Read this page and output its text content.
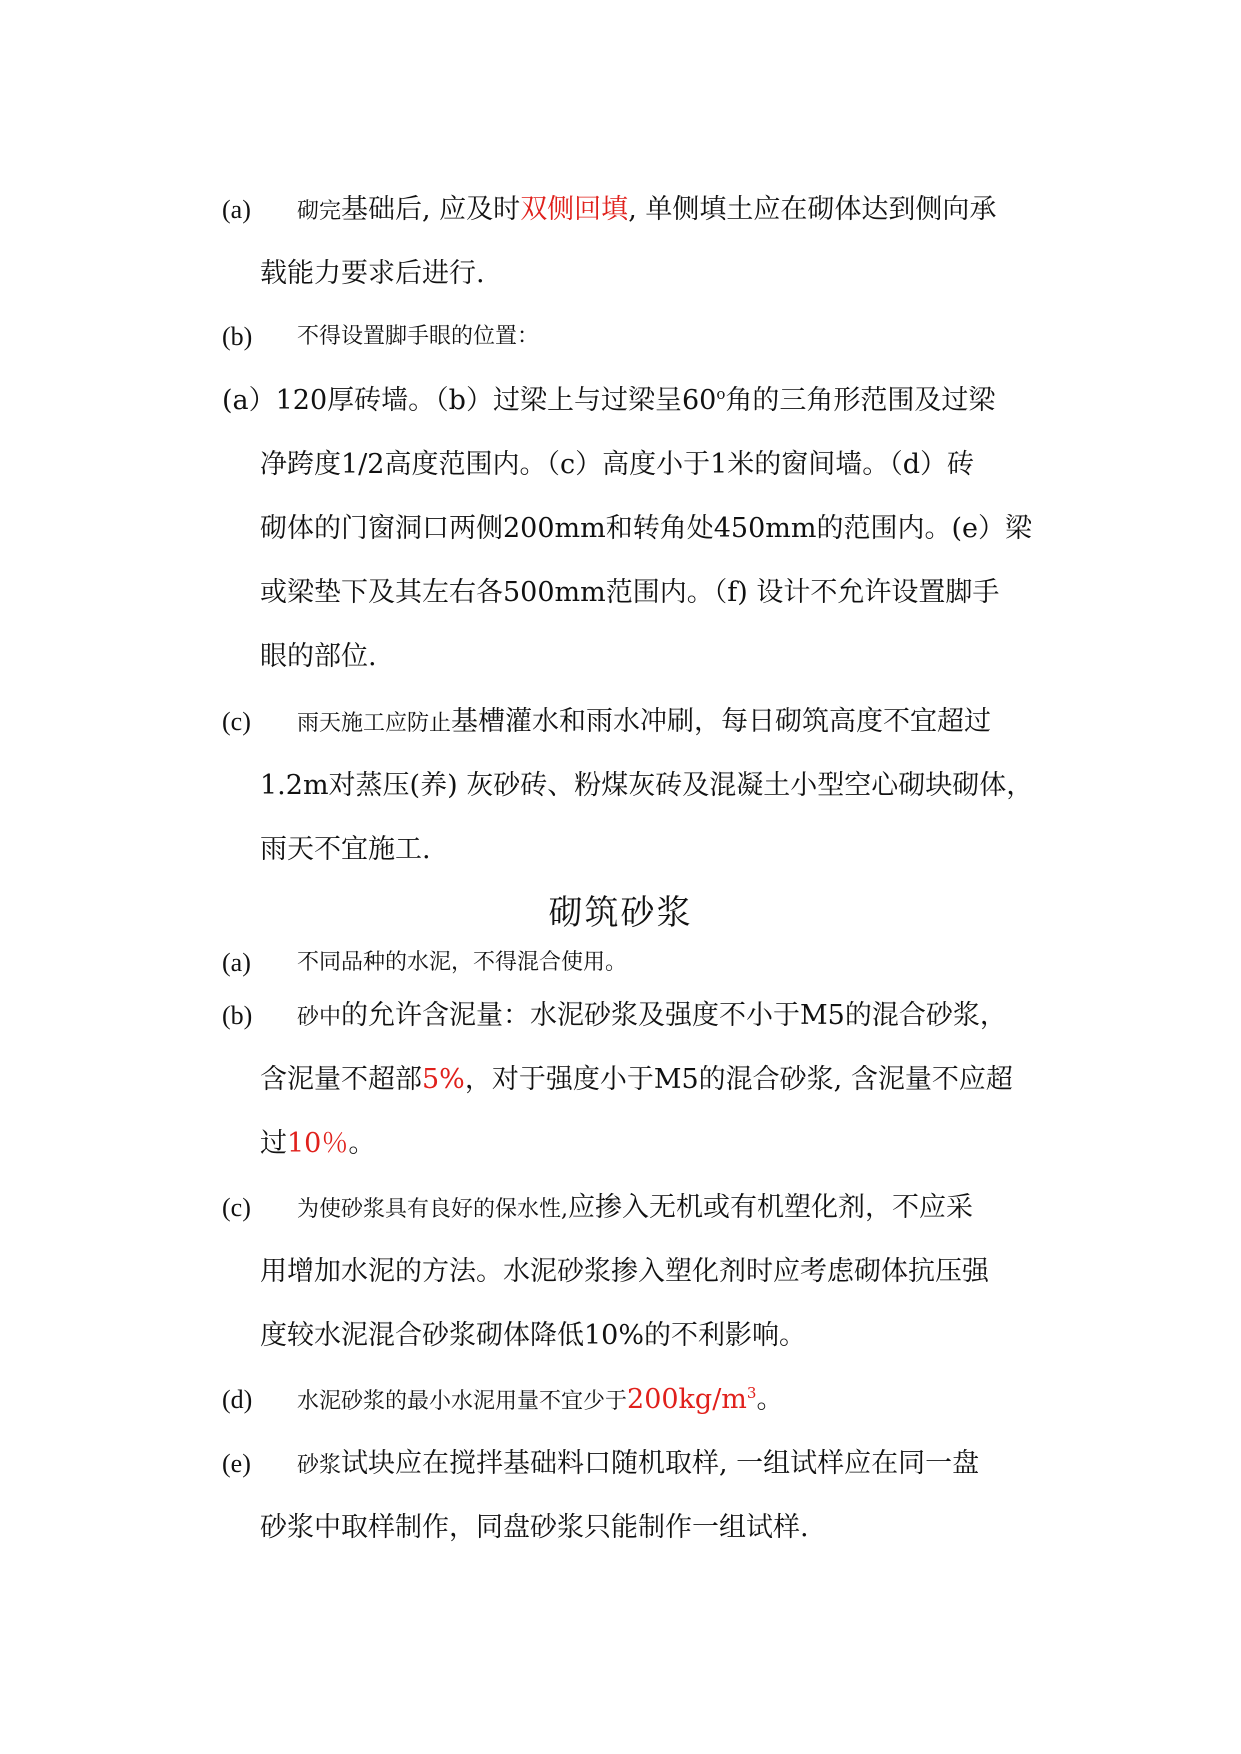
(a) 砌完基础后, 应及时双侧回填, 单侧填土应在砌体达到侧向承
载能力要求后进行.
(b) 不得设置脚手眼的位置：
(a）120厚砖墙。（b）过梁上与过梁呈60$^o$角的三角形范围及过梁
净跨度1/2高度范围内。（c）高度小于1米的窗间墙。（d）砖
砌体的门窗洞口两侧200mm和转角处450mm的范围内。(e）梁
或梁垫下及其左右各500mm范围内。（f) 设计不允许设置脚手
眼的部位.
(c) 雨天施工应防止基槽灌水和雨水冲刷，每日砌筑高度不宜超过
1.2m对蒸压(养) 灰砂砖、粉煤灰砖及混凝土小型空心砌块砌体，
雨天不宜施工.
砌筑砂浆
(a) 不同品种的水泥，不得混合使用。
(b) 砂中的允许含泥量：水泥砂浆及强度不小于M5的混合砂浆，
含泥量不超部5%，对于强度小于M5的混合砂浆, 含泥量不应超
过10％。
(c) 为使砂浆具有良好的保水性,应掺入无机或有机塑化剂，不应采
用增加水泥的方法。水泥砂浆掺入塑化剂时应考虑砌体抗压强
度较水泥混合砂浆砌体降低10%的不利影响。
(d) 水泥砂浆的最小水泥用量不宜少于$200kg/m^3$。
(e) 砂浆试块应在搅拌基础料口随机取样, 一组试样应在同一盘
砂浆中取样制作，同盘砂浆只能制作一组试样.
